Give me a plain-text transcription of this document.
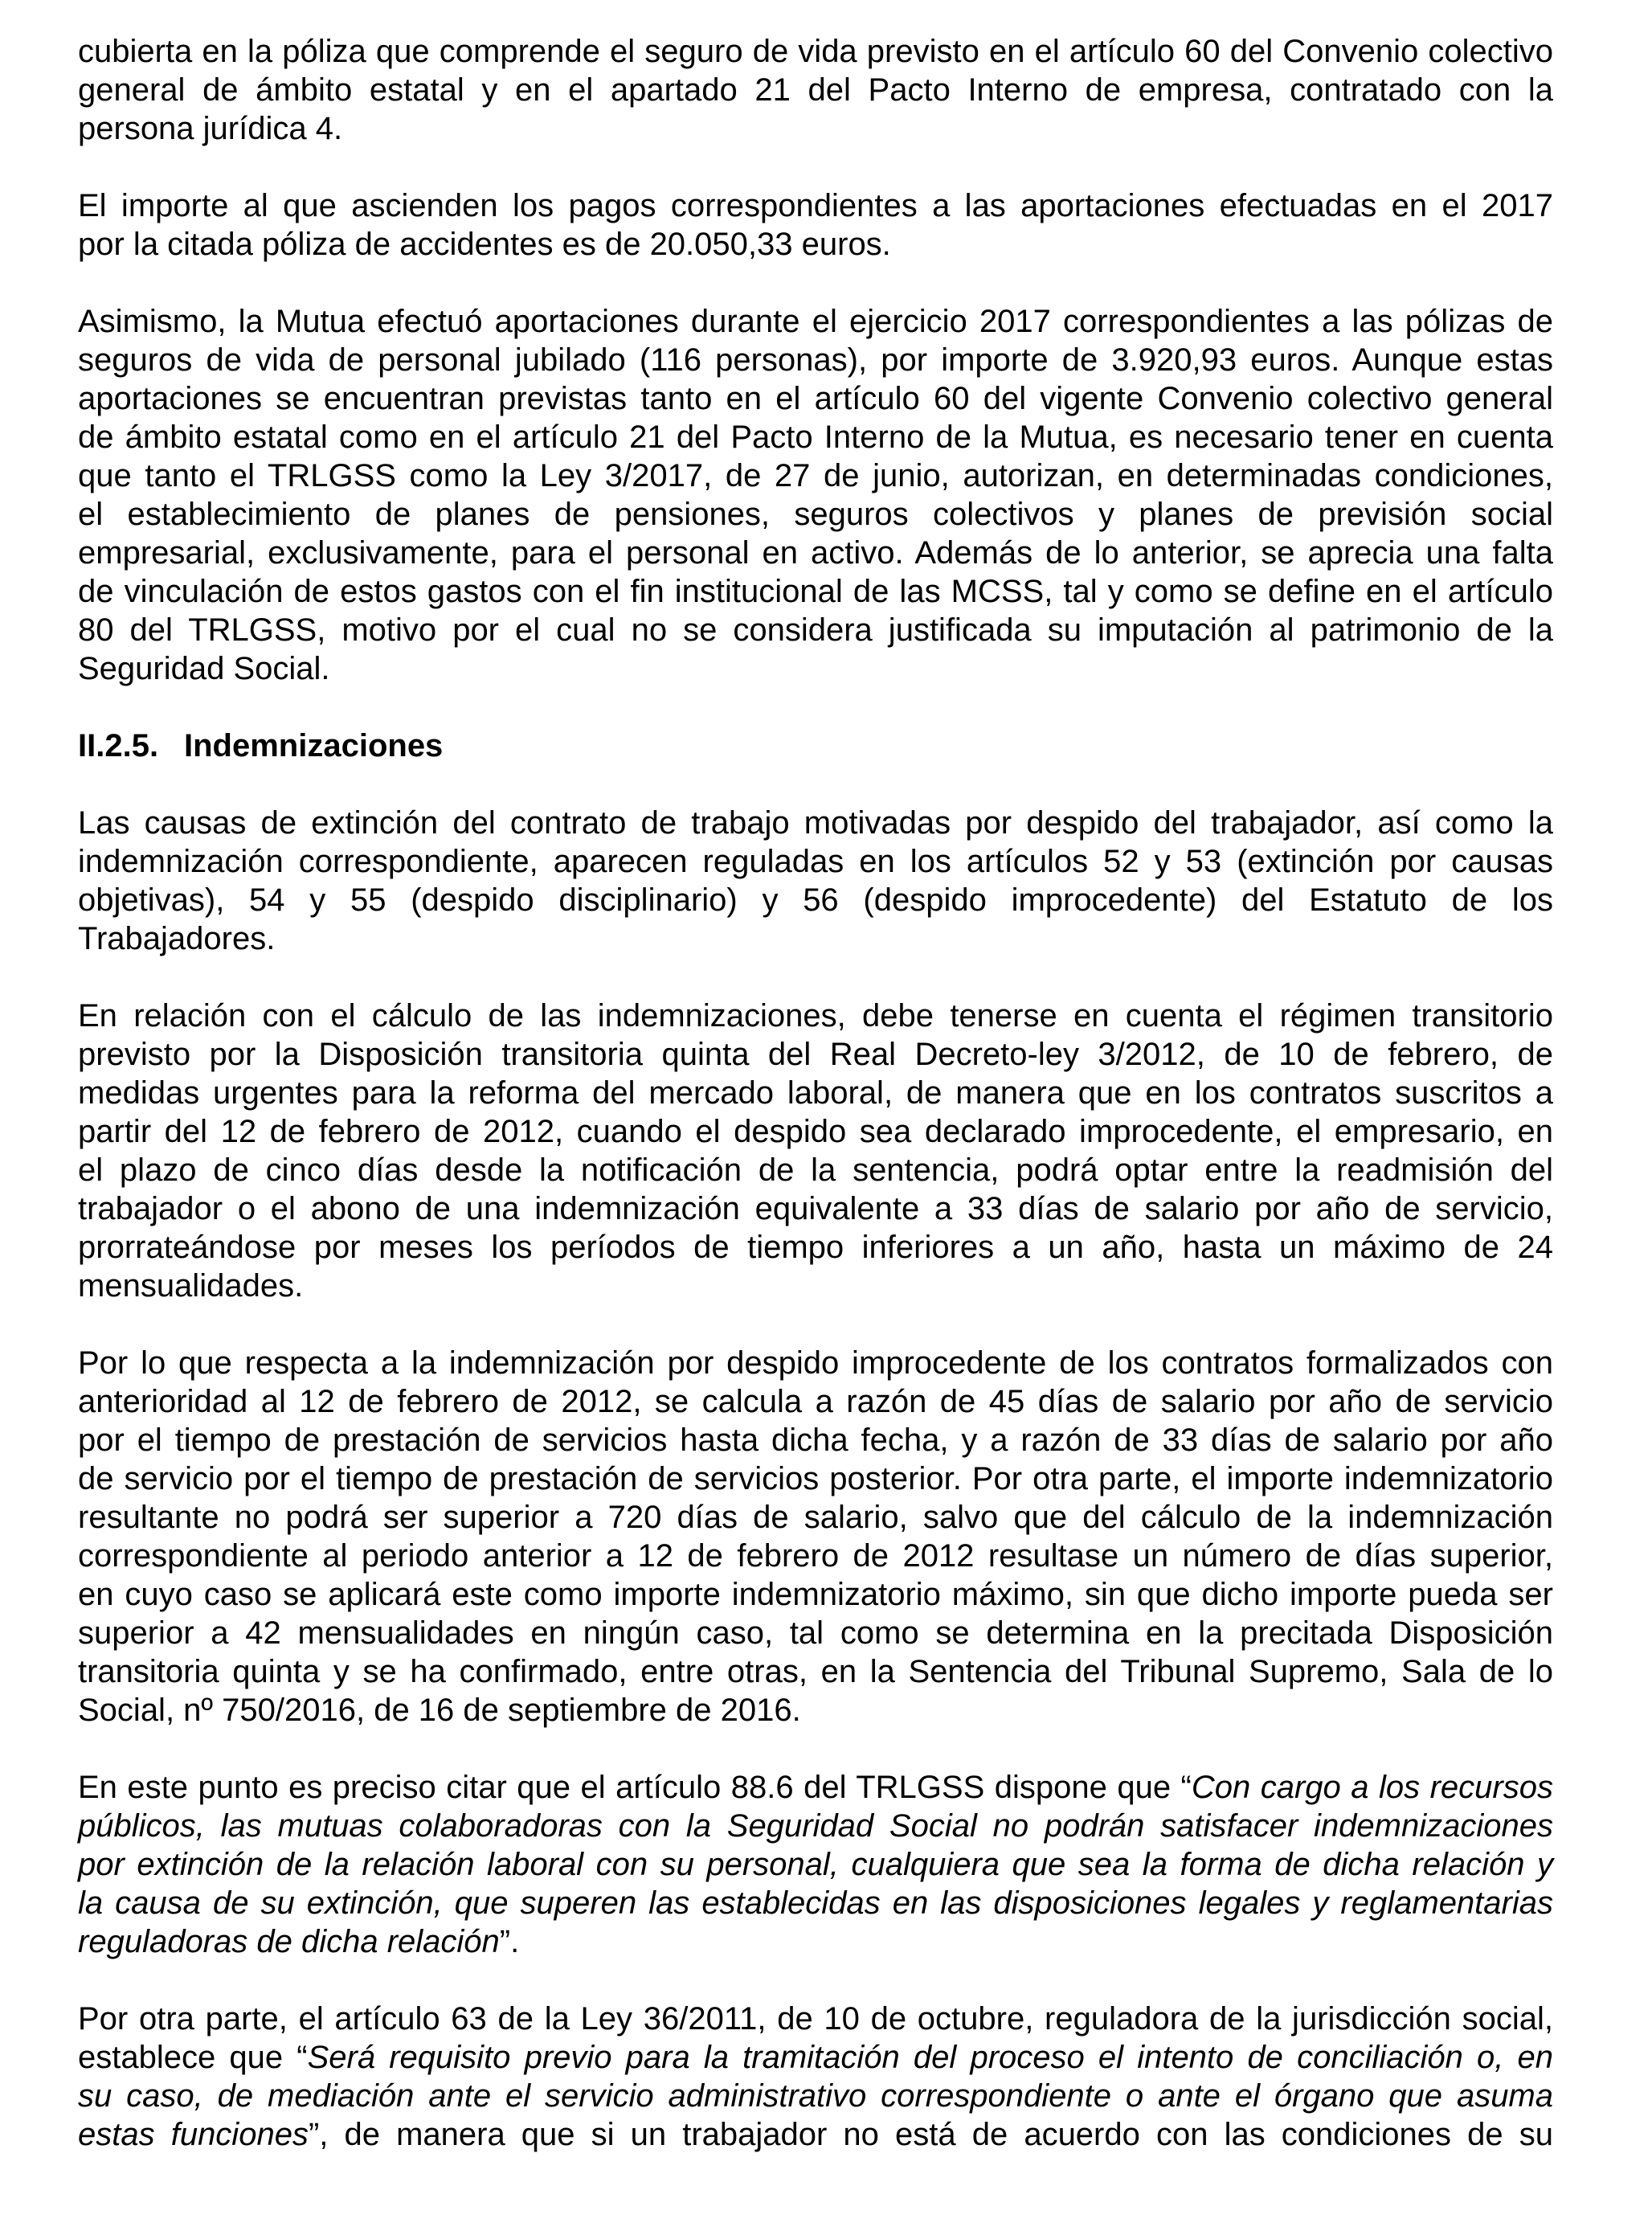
cubierta en la póliza que comprende el seguro de vida previsto en el artículo 60 del Convenio colectivo
general de ámbito estatal y en el apartado 21 del Pacto Interno de empresa, contratado con la
persona jurídica 4.
El importe al que ascienden los pagos correspondientes a las aportaciones efectuadas en el 2017
por la citada póliza de accidentes es de 20.050,33 euros.
Asimismo, la Mutua efectuó aportaciones durante el ejercicio 2017 correspondientes a las pólizas de
seguros de vida de personal jubilado (116 personas), por importe de 3.920,93 euros. Aunque estas
aportaciones se encuentran previstas tanto en el artículo 60 del vigente Convenio colectivo general
de ámbito estatal como en el artículo 21 del Pacto Interno de la Mutua, es necesario tener en cuenta
que tanto el TRLGSS como la Ley 3/2017, de 27 de junio, autorizan, en determinadas condiciones,
el establecimiento de planes de pensiones, seguros colectivos y planes de previsión social
empresarial, exclusivamente, para el personal en activo. Además de lo anterior, se aprecia una falta
de vinculación de estos gastos con el fin institucional de las MCSS, tal y como se define en el artículo
80 del TRLGSS, motivo por el cual no se considera justificada su imputación al patrimonio de la
Seguridad Social.
II.2.5. Indemnizaciones
Las causas de extinción del contrato de trabajo motivadas por despido del trabajador, así como la
indemnización correspondiente, aparecen reguladas en los artículos 52 y 53 (extinción por causas
objetivas), 54 y 55 (despido disciplinario) y 56 (despido improcedente) del Estatuto de los
Trabajadores.
En relación con el cálculo de las indemnizaciones, debe tenerse en cuenta el régimen transitorio
previsto por la Disposición transitoria quinta del Real Decreto-ley 3/2012, de 10 de febrero, de
medidas urgentes para la reforma del mercado laboral, de manera que en los contratos suscritos a
partir del 12 de febrero de 2012, cuando el despido sea declarado improcedente, el empresario, en
el plazo de cinco días desde la notificación de la sentencia, podrá optar entre la readmisión del
trabajador o el abono de una indemnización equivalente a 33 días de salario por año de servicio,
prorrateándose por meses los períodos de tiempo inferiores a un año, hasta un máximo de 24
mensualidades.
Por lo que respecta a la indemnización por despido improcedente de los contratos formalizados con
anterioridad al 12 de febrero de 2012, se calcula a razón de 45 días de salario por año de servicio
por el tiempo de prestación de servicios hasta dicha fecha, y a razón de 33 días de salario por año
de servicio por el tiempo de prestación de servicios posterior. Por otra parte, el importe indemnizatorio
resultante no podrá ser superior a 720 días de salario, salvo que del cálculo de la indemnización
correspondiente al periodo anterior a 12 de febrero de 2012 resultase un número de días superior,
en cuyo caso se aplicará este como importe indemnizatorio máximo, sin que dicho importe pueda ser
superior a 42 mensualidades en ningún caso, tal como se determina en la precitada Disposición
transitoria quinta y se ha confirmado, entre otras, en la Sentencia del Tribunal Supremo, Sala de lo
Social, nº 750/2016, de 16 de septiembre de 2016.
En este punto es preciso citar que el artículo 88.6 del TRLGSS dispone que “Con cargo a los recursos
públicos, las mutuas colaboradoras con la Seguridad Social no podrán satisfacer indemnizaciones
por extinción de la relación laboral con su personal, cualquiera que sea la forma de dicha relación y
la causa de su extinción, que superen las establecidas en las disposiciones legales y reglamentarias
reguladoras de dicha relación”.
Por otra parte, el artículo 63 de la Ley 36/2011, de 10 de octubre, reguladora de la jurisdicción social,
establece que “Será requisito previo para la tramitación del proceso el intento de conciliación o, en
su caso, de mediación ante el servicio administrativo correspondiente o ante el órgano que asuma
estas funciones”, de manera que si un trabajador no está de acuerdo con las condiciones de su
